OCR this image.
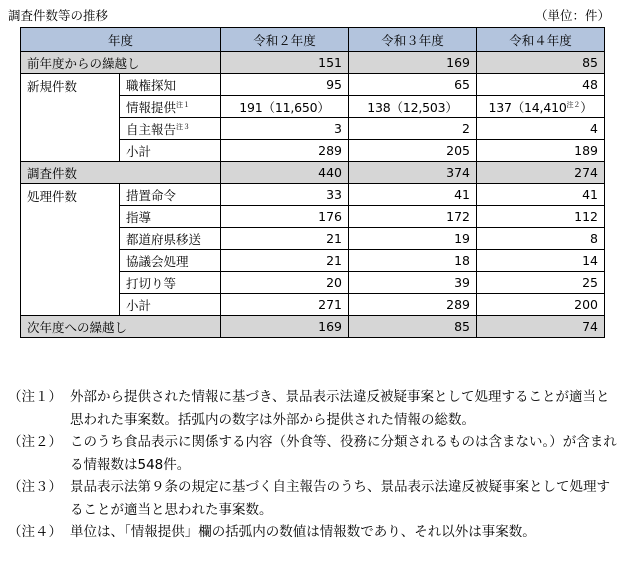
調査件数等の推移	（単位：件）
年度		令和２年度	令和３年度	令和４年度
前年度からの繰越し		151	169	85
新規件数	職権探知	95	65	48
	情報提供$^{注1}$	191（11,650）	138（12,503）	137（14,410$^{注2}$）
	自主報告$^{注3}$	3	2	4
	小計	289	205	189
調査件数		440	374	274
処理件数	措置命令	33	41	41
	指導	176	172	112
	都道府県移送	21	19	8
	協議会処理	21	18	14
	打切り等	20	39	25
	小計	271	289	200
次年度への繰越し		169	85	74

（注１） 外部から提供された情報に基づき、景品表示法違反被疑事案として処理することが適当と思われた事案数。括弧内の数字は外部から提供された情報の総数。

（注２） このうち食品表示に関係する内容（外食等、役務に分類されるものは含まない。）が含まれる情報数は548件。

（注３） 景品表示法第９条の規定に基づく自主報告のうち、景品表示法違反被疑事案として処理することが適当と思われた事案数。

（注４） 単位は、「情報提供」欄の括弧内の数値は情報数であり、それ以外は事案数。
